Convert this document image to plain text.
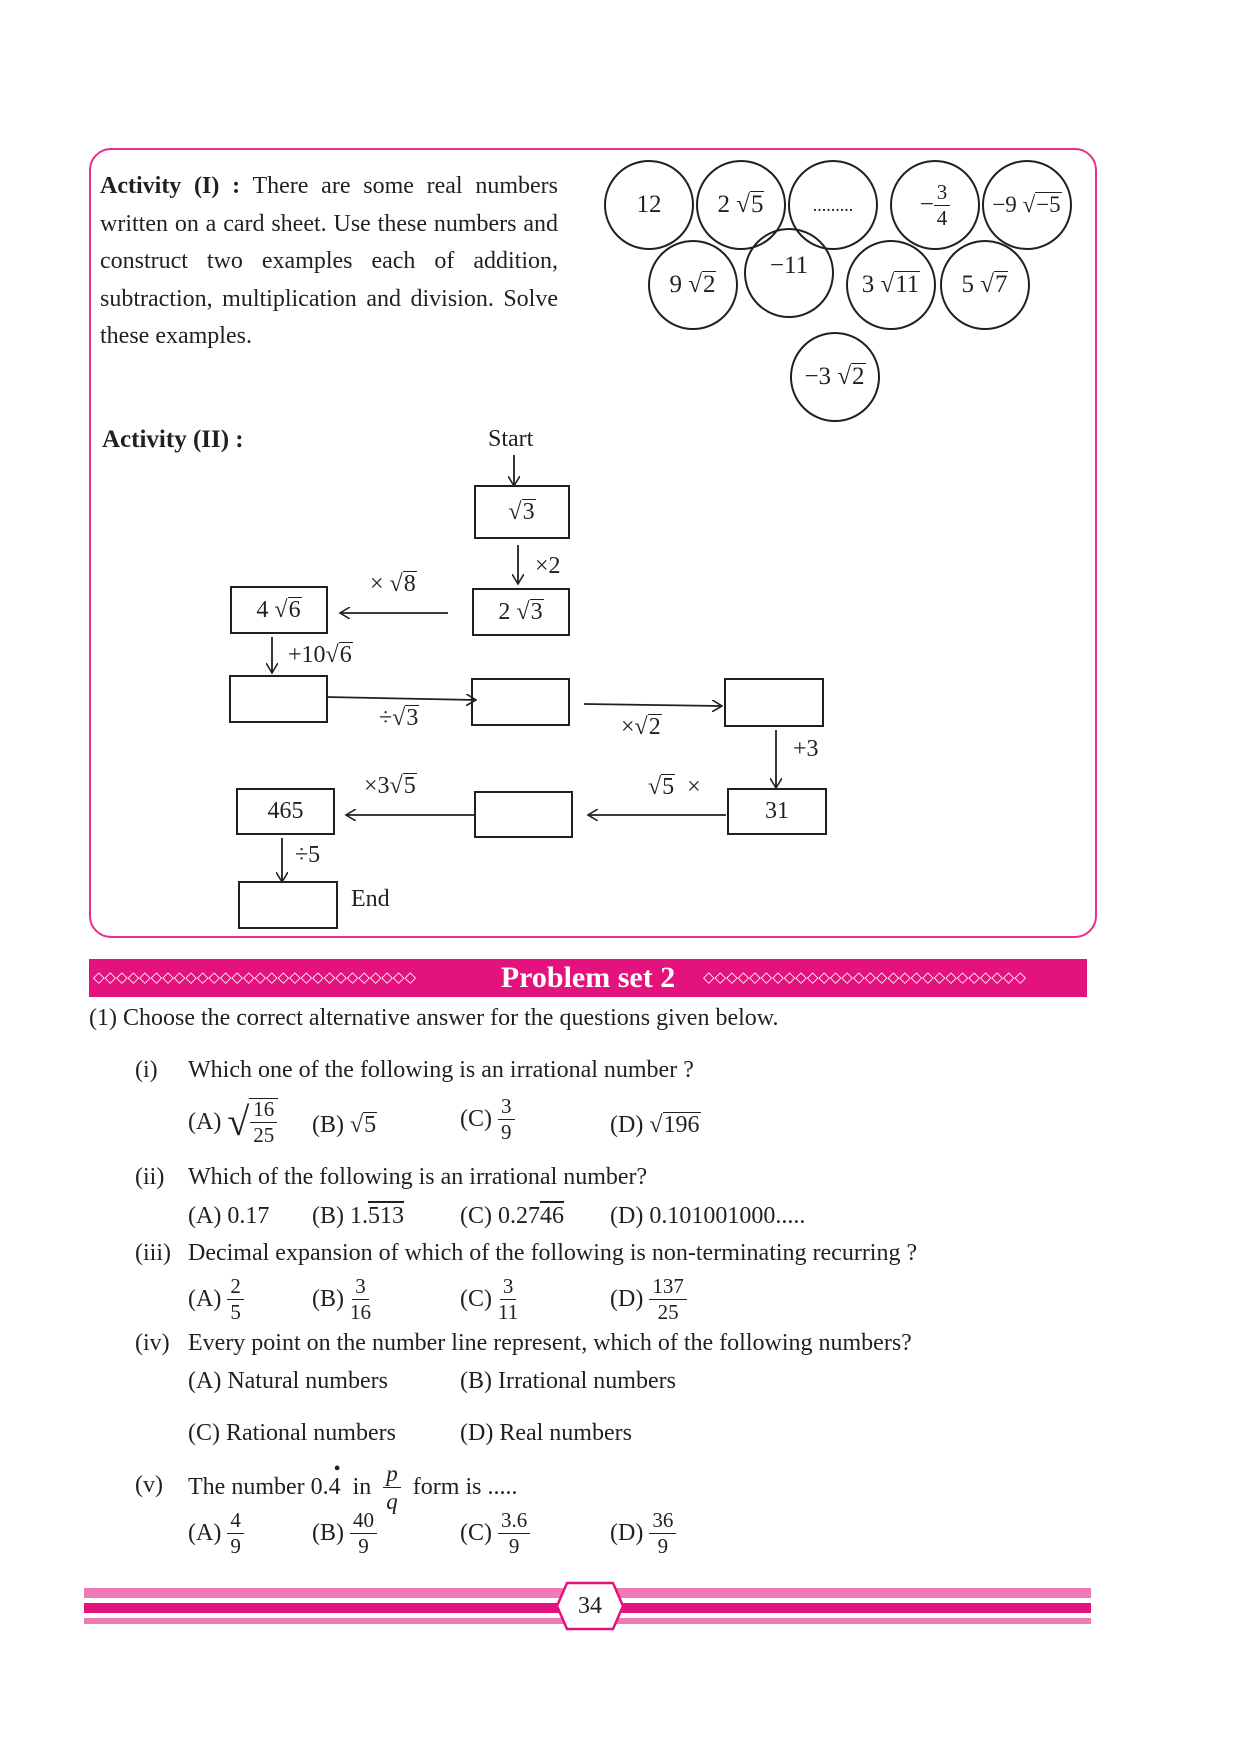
Activity (I) : There are some real numbers written on a card sheet. Use these numbers and construct two examples each of addition, subtraction, multiplication and division. Solve these examples.
12 2 √ 5	.........	− $\frac{3}{4} -9$ √ −5
9 √ 2
−11
3 √ 11 5 √ 7
−3 √ 2
Activity (II) :	Start
√ 3
2 √ 3
4 √ 6
31
465
End
×2
× √8
+10√6
÷√3	×√2
+3
√5 ×
×3√5
÷5
◇◇◇◇◇◇◇◇◇◇◇◇◇◇◇◇◇◇◇◇◇◇◇◇◇◇◇◇	◇◇◇◇◇◇◇◇◇◇◇◇◇◇◇◇◇◇◇◇◇◇◇◇◇◇◇◇
Problem set 2
(1) Choose the correct alternative answer for the questions given below.
(i) Which one of the following is an irrational number ?
(A)
√ $\frac{16}{25} (B)$ √5	(C)
$\frac{3}{9}$	(D) √196
(ii) Which of the following is an irrational number?
(A) 0.17 (B) 1.513 (C) 0.2746 (D) 0.101001000.....
(iii) Decimal expansion of which of the following is non-terminating recurring ?
(A)
$\frac{2}{5}$	(B)
$\frac{3}{16}$	(C)
$\frac{3}{11}$	(D)
$\frac{137}{25}$
(iv) Every point on the number line represent, which of the following numbers?
(A) Natural numbers	(B) Irrational numbers
(C) Rational numbers	(D) Real numbers
(v) The number 0.
•
4
in
$\frac{p}{q}$
form is .....
(A)
$\frac{4}{9}$	(B)
$\frac{40}{9}$	(C)
$\frac{3.6}{9}$	(D)
$\frac{36}{9}$
34
